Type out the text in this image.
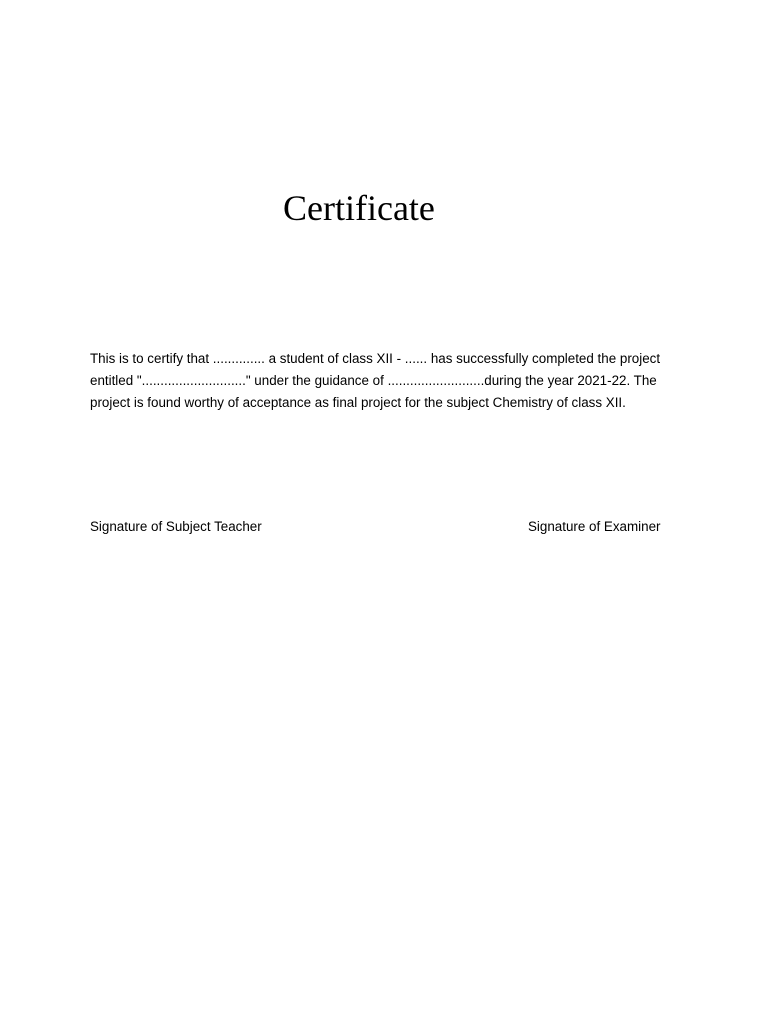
Certificate

This is to certify that .............. a student of class XII - ...... has successfully completed the project entitled "............................" under the guidance of ..........................during the year 2021-22. The project is found worthy of acceptance as final project for the subject Chemistry of class XII.

Signature of Subject Teacher	Signature of Examiner
